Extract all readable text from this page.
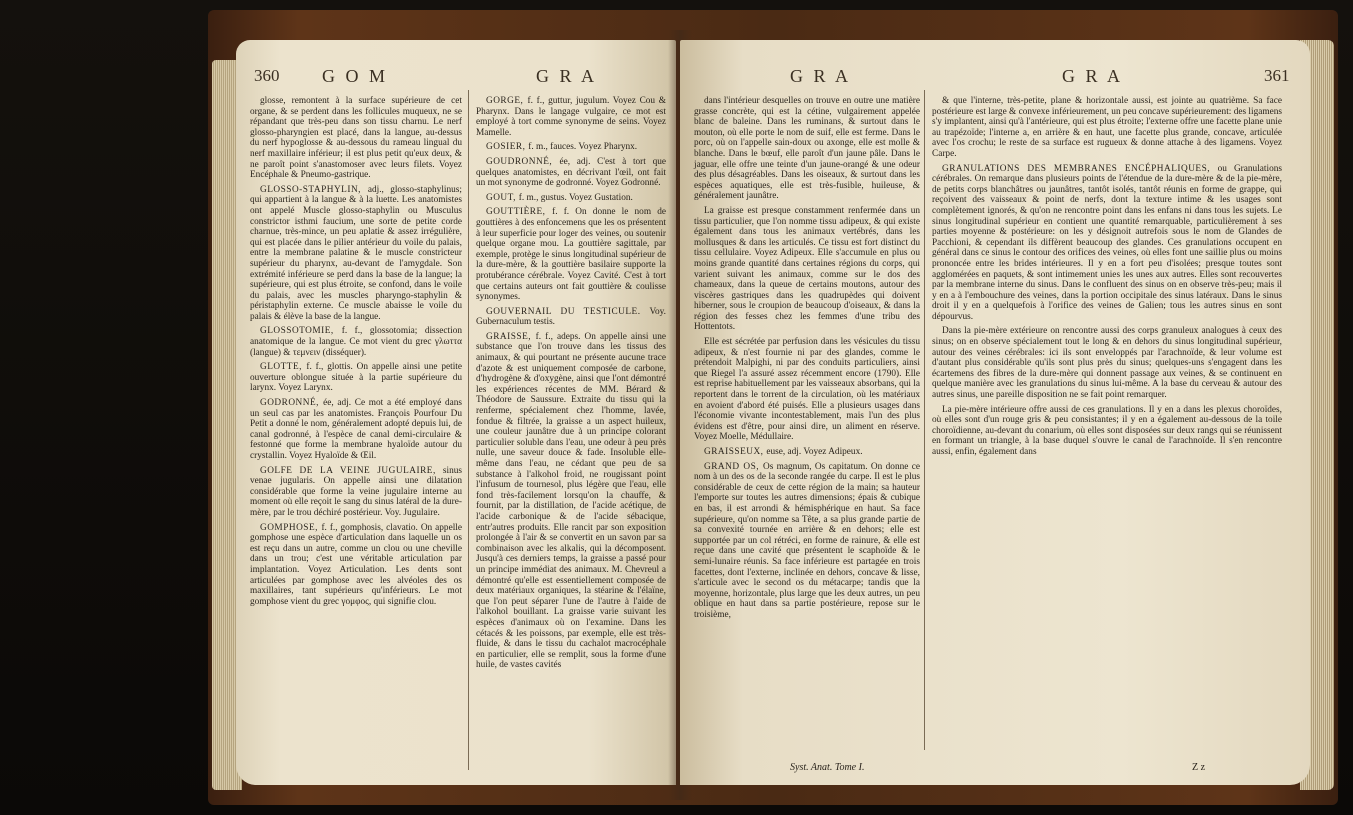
360 G O M	G R A

glosse, remontent à la surface supérieure de cet organe, & se perdent dans les follicules muqueux, ne se répandant que très-peu dans son tissu charnu. Le nerf glosso-pharyngien est placé, dans la langue, au-dessus du nerf hypoglosse & au-dessous du rameau lingual du nerf maxillaire inférieur; il est plus petit qu'eux deux, & ne paroît point s'anastomoser avec leurs filets. Voyez Encéphale & Pneumo-gastrique.

GLOSSO-STAPHYLIN, adj., glosso-staphylinus; qui appartient à la langue & à la luette. Les anatomistes ont appelé Muscle glosso-staphylin ou Musculus constrictor isthmi faucium, une sorte de petite corde charnue, très-mince, un peu aplatie & assez irrégulière, qui est placée dans le pilier antérieur du voile du palais, entre la membrane palatine & le muscle constricteur supérieur du pharynx, au-devant de l'amygdale. Son extrémité inférieure se perd dans la base de la langue; la supérieure, qui est plus étroite, se confond, dans le voile du palais, avec les muscles pharyngo-staphylin & péristaphylin externe. Ce muscle abaisse le voile du palais & élève la base de la langue.

GLOSSOTOMIE, f. f., glossotomia; dissection anatomique de la langue. Ce mot vient du grec γλωττα (langue) & τεμνειν (disséquer).

GLOTTE, f. f., glottis. On appelle ainsi une petite ouverture oblongue située à la partie supérieure du larynx. Voyez Larynx.

GODRONNÉ, ée, adj. Ce mot a été employé dans un seul cas par les anatomistes. François Pourfour Du Petit a donné le nom, généralement adopté depuis lui, de canal godronné, à l'espèce de canal demi-circulaire & festonné que forme la membrane hyaloïde autour du crystallin. Voyez Hyaloïde & Œil.

GOLFE DE LA VEINE JUGULAIRE, sinus venae jugularis. On appelle ainsi une dilatation considérable que forme la veine jugulaire interne au moment où elle reçoit le sang du sinus latéral de la dure-mère, par le trou déchiré postérieur. Voy. Jugulaire.

GOMPHOSE, f. f., gomphosis, clavatio. On appelle gomphose une espèce d'articulation dans laquelle un os est reçu dans un autre, comme un clou ou une cheville dans un trou; c'est une véritable articulation par implantation. Voyez Articulation. Les dents sont articulées par gomphose avec les alvéoles des os maxillaires, tant supérieurs qu'inférieurs. Le mot gomphose vient du grec γομφος, qui signifie clou.

GORGE, f. f., guttur, jugulum. Voyez Cou & Pharynx. Dans le langage vulgaire, ce mot est employé à tort comme synonyme de seins. Voyez Mamelle.

GOSIER, f. m., fauces. Voyez Pharynx.

GOUDRONNÉ, ée, adj. C'est à tort que quelques anatomistes, en décrivant l'œil, ont fait un mot synonyme de godronné. Voyez Godronné.

GOUT, f. m., gustus. Voyez Gustation.

GOUTTIÈRE, f. f. On donne le nom de gouttières à des enfoncemens que les os présentent à leur superficie pour loger des veines, ou soutenir quelque organe mou. La gouttière sagittale, par exemple, protège le sinus longitudinal supérieur de la dure-mère, & la gouttière basilaire supporte la protubérance cérébrale. Voyez Cavité. C'est à tort que certains auteurs ont fait gouttière & coulisse synonymes.

GOUVERNAIL DU TESTICULE. Voy. Gubernaculum testis.

GRAISSE, f. f., adeps. On appelle ainsi une substance que l'on trouve dans les tissus des animaux, & qui pourtant ne présente aucune trace d'azote & est uniquement composée de carbone, d'hydrogène & d'oxygène, ainsi que l'ont démontré les expériences récentes de MM. Bérard & Théodore de Saussure. Extraite du tissu qui la renferme, spécialement chez l'homme, lavée, fondue & filtrée, la graisse a un aspect huileux, une couleur jaunâtre due à un principe colorant particulier soluble dans l'eau, une odeur à peu près nulle, une saveur douce & fade. Insoluble elle-même dans l'eau, ne cédant que peu de sa substance à l'alkohol froid, ne rougissant point l'infusum de tournesol, plus légère que l'eau, elle fond très-facilement lorsqu'on la chauffe, & fournit, par la distillation, de l'acide acétique, de l'acide carbonique & de l'acide sébacique, entr'autres produits. Elle rancit par son exposition prolongée à l'air & se convertit en un savon par sa combinaison avec les alkalis, qui la décomposent. Jusqu'à ces derniers temps, la graisse a passé pour un principe immédiat des animaux. M. Chevreul a démontré qu'elle est essentiellement composée de deux matériaux organiques, la stéarine & l'élaïne, que l'on peut séparer l'une de l'autre à l'aide de l'alkohol bouillant. La graisse varie suivant les espèces d'animaux où on l'examine. Dans les cétacés & les poissons, par exemple, elle est très-fluide, & dans le tissu du cachalot macrocéphale en particulier, elle se remplit, sous la forme d'une huile, de vastes cavités

G R A	G R A	361

dans l'intérieur desquelles on trouve en outre une matière grasse concrète, qui est la cétine, vulgairement appelée blanc de baleine. Dans les ruminans, & surtout dans le mouton, où elle porte le nom de suif, elle est ferme. Dans le porc, où on l'appelle sain-doux ou axonge, elle est molle & blanche. Dans le bœuf, elle paroît d'un jaune pâle. Dans le jaguar, elle offre une teinte d'un jaune-orangé & une odeur des plus désagréables. Dans les oiseaux, & surtout dans les espèces aquatiques, elle est très-fusible, huileuse, & généralement jaunâtre.

La graisse est presque constamment renfermée dans un tissu particulier, que l'on nomme tissu adipeux, & qui existe également dans tous les animaux vertébrés, dans les mollusques & dans les articulés. Ce tissu est fort distinct du tissu cellulaire. Voyez Adipeux. Elle s'accumule en plus ou moins grande quantité dans certaines régions du corps, qui varient suivant les animaux, comme sur le dos des chameaux, dans la queue de certains moutons, autour des viscères gastriques dans les quadrupèdes qui doivent hiberner, sous le croupion de beaucoup d'oiseaux, & dans la région des fesses chez les femmes d'une tribu des Hottentots.

Elle est sécrétée par perfusion dans les vésicules du tissu adipeux, & n'est fournie ni par des glandes, comme le prétendoit Malpighi, ni par des conduits particuliers, ainsi que Riegel l'a assuré assez récemment encore (1790). Elle est reprise habituellement par les vaisseaux absorbans, qui la reportent dans le torrent de la circulation, où les matériaux en avoient d'abord été puisés. Elle a plusieurs usages dans l'économie vivante incontestablement, mais l'un des plus évidens est d'être, pour ainsi dire, un aliment en réserve. Voyez Moelle, Médullaire.

GRAISSEUX, euse, adj. Voyez Adipeux.

GRAND OS, Os magnum, Os capitatum. On donne ce nom à un des os de la seconde rangée du carpe. Il est le plus considérable de ceux de cette région de la main; sa hauteur l'emporte sur toutes les autres dimensions; épais & cubique en bas, il est arrondi & hémisphérique en haut. Sa face supérieure, qu'on nomme sa Tête, a sa plus grande partie de sa convexité tournée en arrière & en dehors; elle est supportée par un col rétréci, en forme de rainure, & elle est reçue dans une cavité que présentent le scaphoïde & le semi-lunaire réunis. Sa face inférieure est partagée en trois facettes, dont l'externe, inclinée en dehors, concave & lisse, s'articule avec le second os du métacarpe; tandis que la moyenne, horizontale, plus large que les deux autres, un peu oblique en haut dans sa partie postérieure, repose sur le troisième,

& que l'interne, très-petite, plane & horizontale aussi, est jointe au quatrième. Sa face postérieure est large & convexe inférieurement, un peu concave supérieurement: des ligamens s'y implantent, ainsi qu'à l'antérieure, qui est plus étroite; l'externe offre une facette plane unie au trapézoïde; l'interne a, en arrière & en haut, une facette plus grande, concave, articulée avec l'os crochu; le reste de sa surface est rugueux & donne attache à des ligamens. Voyez Carpe.

GRANULATIONS DES MEMBRANES ENCÉPHALIQUES, ou Granulations cérébrales. On remarque dans plusieurs points de l'étendue de la dure-mère & de la pie-mère, de petits corps blanchâtres ou jaunâtres, tantôt isolés, tantôt réunis en forme de grappe, qui reçoivent des vaisseaux & point de nerfs, dont la texture intime & les usages sont complètement ignorés, & qu'on ne rencontre point dans les enfans ni dans tous les sujets. Le sinus longitudinal supérieur en contient une quantité remarquable, particulièrement à ses parties moyenne & postérieure: on les y désignoit autrefois sous le nom de Glandes de Pacchioni, & cependant ils diffèrent beaucoup des glandes. Ces granulations occupent en général dans ce sinus le contour des orifices des veines, où elles font une saillie plus ou moins prononcée entre les brides intérieures. Il y en a fort peu d'isolées; presque toutes sont agglomérées en paquets, & sont intimement unies les unes aux autres. Elles sont recouvertes par la membrane interne du sinus. Dans le confluent des sinus on en observe très-peu; mais il y en a à l'embouchure des veines, dans la portion occipitale des sinus latéraux. Dans le sinus droit il y en a quelquefois à l'orifice des veines de Galien; tous les autres sinus en sont dépourvus.

Dans la pie-mère extérieure on rencontre aussi des corps granuleux analogues à ceux des sinus; on en observe spécialement tout le long & en dehors du sinus longitudinal supérieur, autour des veines cérébrales: ici ils sont enveloppés par l'arachnoïde, & leur volume est d'autant plus considérable qu'ils sont plus près du sinus; quelques-uns s'engagent dans les écartemens des fibres de la dure-mère qui donnent passage aux veines, & se continuent en quelque manière avec les granulations du sinus lui-même. A la base du cerveau & autour des autres sinus, une pareille disposition ne se fait point remarquer.

La pie-mère intérieure offre aussi de ces granulations. Il y en a dans les plexus choroïdes, où elles sont d'un rouge gris & peu consistantes; il y en a également au-dessous de la toile choroïdienne, au-devant du conarium, où elles sont disposées sur deux rangs qui se réunissent en formant un triangle, à la base duquel s'ouvre le canal de l'arachnoïde. Il s'en rencontre aussi, enfin, également dans

Syst. Anat. Tome I.	Z z
